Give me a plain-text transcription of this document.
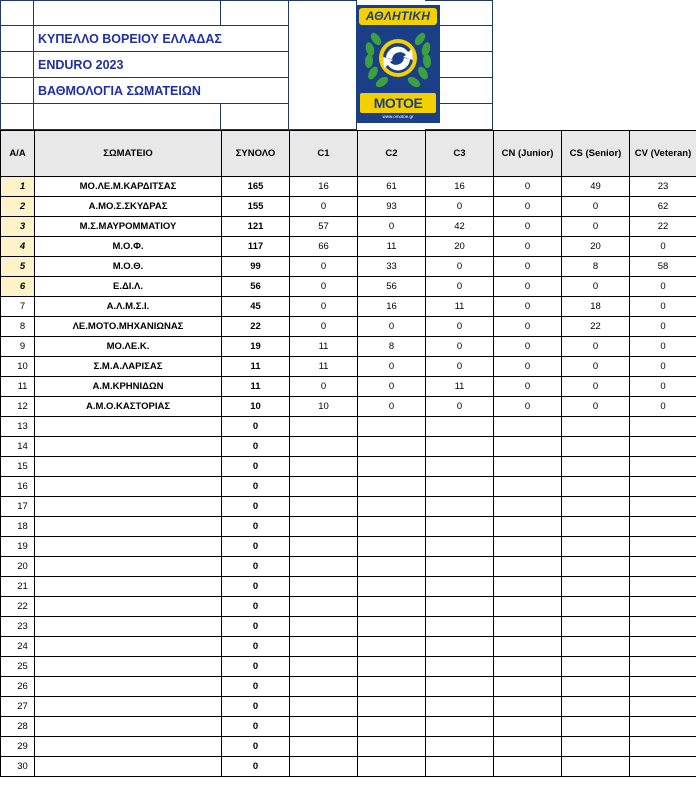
ΚΥΠΕΛΛΟ ΒΟΡΕΙΟΥ ΕΛΛΑΔΑΣ
ENDURO 2023
ΒΑΘΜΟΛΟΓΙΑ ΣΩΜΑΤΕΙΩΝ
ΑΘΛΗΤΙΚΗ
MOTOE
www.omotoe.gr
Α/Α	ΣΩΜΑΤΕΙΟ	ΣΥΝΟΛΟ	C1	C2	C3	CN (Junior)	CS (Senior)	CV (Veteran)
1	ΜΟ.ΛΕ.Μ.ΚΑΡΔΙΤΣΑΣ	165	16	61	16	0	49	23
2	Α.ΜΟ.Σ.ΣΚΥΔΡΑΣ	155	0	93	0	0	0	62
3	Μ.Σ.ΜΑΥΡΟΜΜΑΤΙΟΥ	121	57	0	42	0	0	22
4	Μ.Ο.Φ.	117	66	11	20	0	20	0
5	Μ.Ο.Θ.	99	0	33	0	0	8	58
6	Ε.ΔΙ.Λ.	56	0	56	0	0	0	0
7	Α.Λ.Μ.Σ.Ι.	45	0	16	11	0	18	0
8	ΛΕ.ΜΟΤΟ.ΜΗΧΑΝΙΩΝΑΣ	22	0	0	0	0	22	0
9	ΜΟ.ΛΕ.Κ.	19	11	8	0	0	0	0
10	Σ.Μ.Α.ΛΑΡΙΣΑΣ	11	11	0	0	0	0	0
11	Α.Μ.ΚΡΗΝΙΔΩΝ	11	0	0	11	0	0	0
12	Α.Μ.Ο.ΚΑΣΤΟΡΙΑΣ	10	10	0	0	0	0	0
13		0						
14		0						
15		0						
16		0						
17		0						
18		0						
19		0						
20		0						
21		0						
22		0						
23		0						
24		0						
25		0						
26		0						
27		0						
28		0						
29		0						
30		0						
